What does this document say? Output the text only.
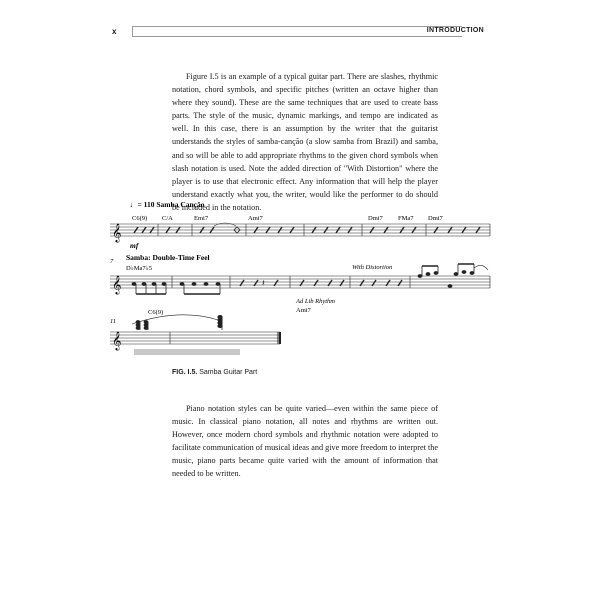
x	INTRODUCTION

Figure I.5 is an example of a typical guitar part. There are slashes, rhythmic notation, chord symbols, and specific pitches (written an octave higher than where they sound). These are the same techniques that are used to create bass parts. The style of the music, dynamic markings, and tempo are indicated as well. In this case, there is an assumption by the writer that the guitarist understands the styles of samba-canção (a slow samba from Brazil) and samba, and so will be able to add appropriate rhythms to the given chord symbols when slash notation is used. Note the added direction of "With Distortion" where the player is to use that electronic effect. Any information that will help the player understand exactly what you, the writer, would like the performer to do should be included in the notation.

♩= 110 Samba Canção
C6(9) C/A	Emi7	Ami7	Dmi7 FMa7 Dmi7
𝄞
mf
7 Samba: Double-Time Feel
D♭Ma7♭5	With Distortion
𝄞	𝄽
Ad Lib Rhythm
Ami7
11
C6(9)
𝄞
FIG. I.5. Samba Guitar Part

Piano notation styles can be quite varied—even within the same piece of music. In classical piano notation, all notes and rhythms are written out. However, once modern chord symbols and rhythmic notation were adopted to facilitate communication of musical ideas and give more freedom to interpret the music, piano parts became quite varied with the amount of information that needed to be written.
